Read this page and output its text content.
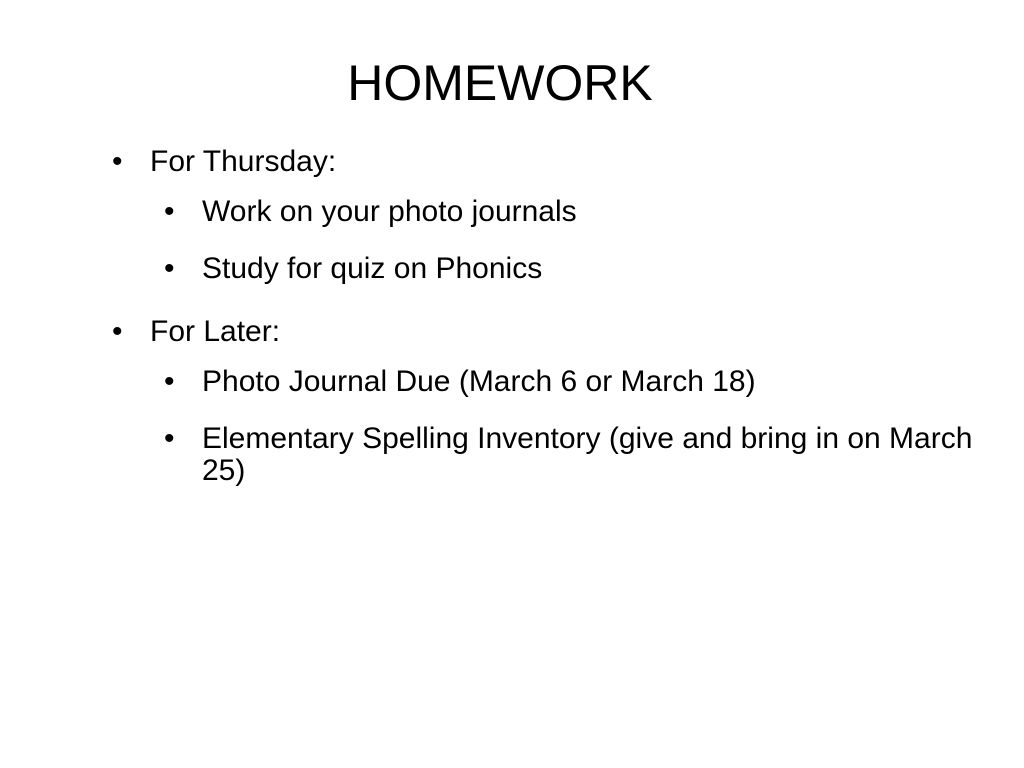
HOMEWORK
• For Thursday:
• Work on your photo journals
• Study for quiz on Phonics
• For Later:
• Photo Journal Due (March 6 or March 18)
• Elementary Spelling Inventory (give and bring in on March 25)
